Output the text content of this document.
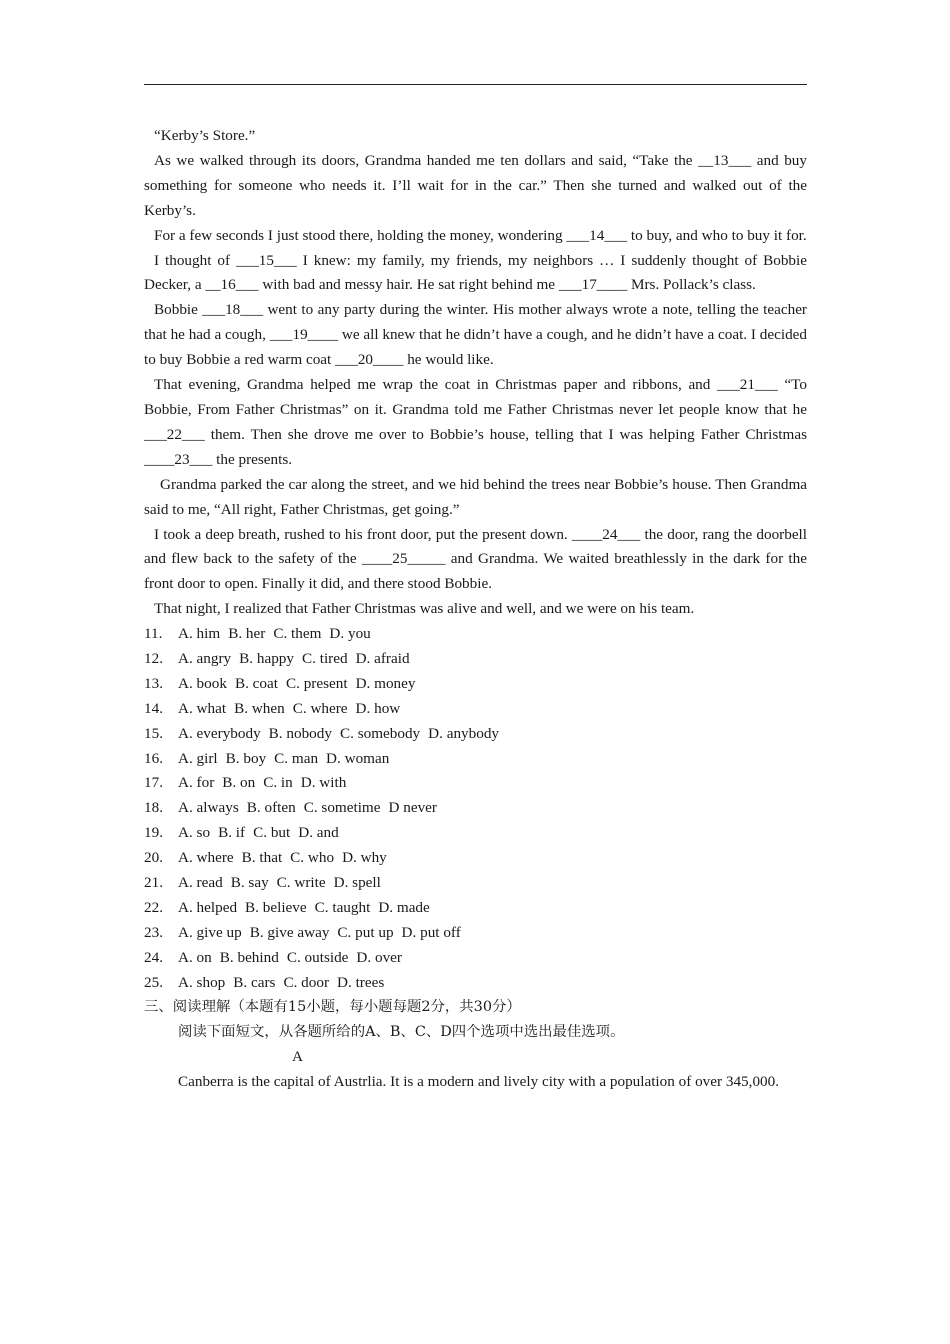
“Kerby’s Store.”

As we walked through its doors, Grandma handed me ten dollars and said, “Take the __13___ and buy something for someone who needs it. I’ll wait for in the car.” Then she turned and walked out of the Kerby’s.

For a few seconds I just stood there, holding the money, wondering ___14___ to buy, and who to buy it for.

I thought of ___15___ I knew: my family, my friends, my neighbors … I suddenly thought of Bobbie Decker, a __16___ with bad and messy hair. He sat right behind me ___17____ Mrs. Pollack’s class.

Bobbie ___18___ went to any party during the winter. His mother always wrote a note, telling the teacher that he had a cough, ___19____ we all knew that he didn’t have a cough, and he didn’t have a coat. I decided to buy Bobbie a red warm coat ___20____ he would like.

That evening, Grandma helped me wrap the coat in Christmas paper and ribbons, and ___21___ “To Bobbie, From Father Christmas” on it. Grandma told me Father Christmas never let people know that he ___22___ them. Then she drove me over to Bobbie’s house, telling that I was helping Father Christmas ____23___ the presents.

Grandma parked the car along the street, and we hid behind the trees near Bobbie’s house. Then Grandma said to me, “All right, Father Christmas, get going.”

I took a deep breath, rushed to his front door, put the present down. ____24___ the door, rang the doorbell and flew back to the safety of the ____25_____ and Grandma. We waited breathlessly in the dark for the front door to open. Finally it did, and there stood Bobbie.

That night, I realized that Father Christmas was alive and well, and we were on his team.

11.	A. him B. her C. them D. you
12. A. angry B. happy C. tired D. afraid
13. A. book B. coat C. present D. money
14. A. what B. when C. where D. how
15. A. everybody B. nobody C. somebody D. anybody
16. A. girl B. boy C. man D. woman
17. A. for B. on C. in D. with
18. A. always B. often C. sometime D never
19. A. so B. if C. but D. and
20. A. where B. that C. who D. why
21. A. read B. say C. write D. spell
22. A. helped B. believe C. taught D. made
23. A. give up B. give away C. put up D. put off
24. A. on B. behind C. outside D. over
25. A. shop B. cars C. door D. trees
三、阅读理解（本题有15小题，每小题每题2分，共30分）
阅读下面短文，从各题所给的A、B、C、D四个选项中选出最佳选项。
A

Canberra is the capital of Austrlia. It is a modern and lively city with a population of over 345,000.
